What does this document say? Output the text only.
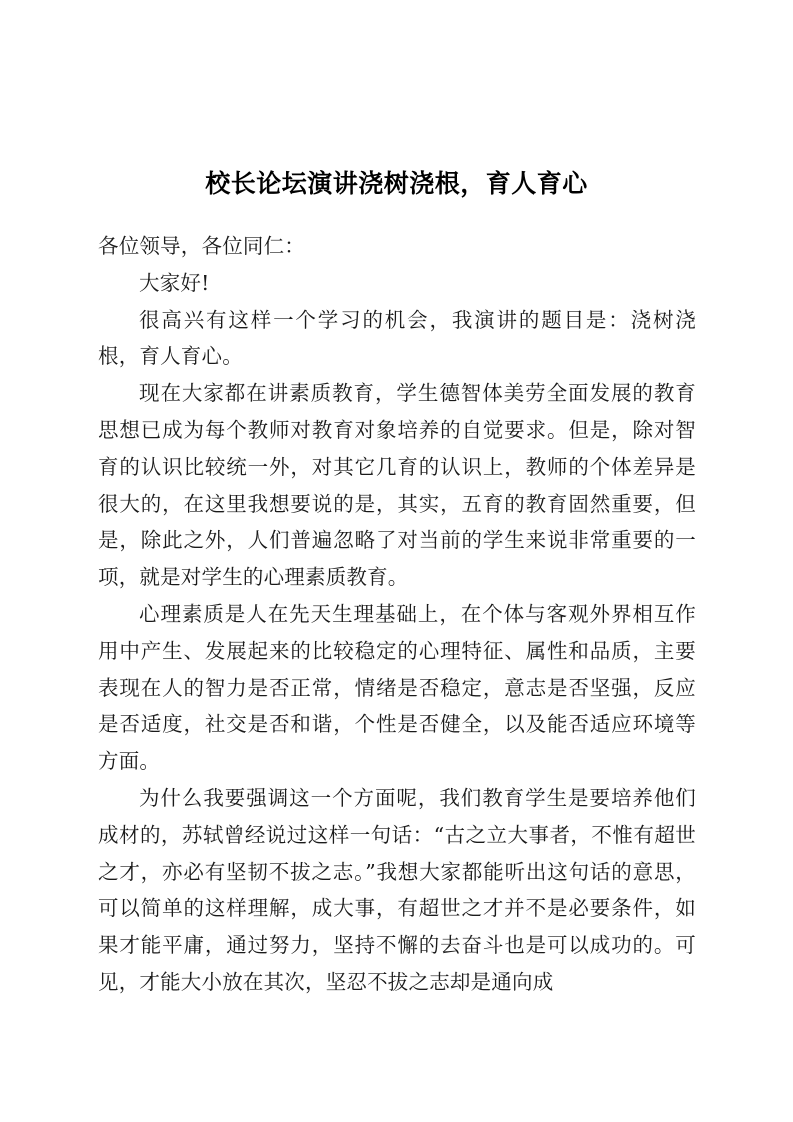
校长论坛演讲浇树浇根，育人育心

各位领导，各位同仁：

大家好!

很高兴有这样一个学习的机会，我演讲的题目是：浇树浇根，育人育心。

现在大家都在讲素质教育，学生德智体美劳全面发展的教育思想已成为每个教师对教育对象培养的自觉要求。但是，除对智育的认识比较统一外，对其它几育的认识上，教师的个体差异是很大的，在这里我想要说的是，其实，五育的教育固然重要，但是，除此之外，人们普遍忽略了对当前的学生来说非常重要的一项，就是对学生的心理素质教育。

心理素质是人在先天生理基础上，在个体与客观外界相互作用中产生、发展起来的比较稳定的心理特征、属性和品质，主要表现在人的智力是否正常，情绪是否稳定，意志是否坚强，反应是否适度，社交是否和谐，个性是否健全，以及能否适应环境等方面。

为什么我要强调这一个方面呢，我们教育学生是要培养他们成材的，苏轼曾经说过这样一句话：“古之立大事者，不惟有超世之才，亦必有坚韧不拔之志。”我想大家都能听出这句话的意思，可以简单的这样理解，成大事，有超世之才并不是必要条件，如果才能平庸，通过努力，坚持不懈的去奋斗也是可以成功的。可见，才能大小放在其次，坚忍不拔之志却是通向成
